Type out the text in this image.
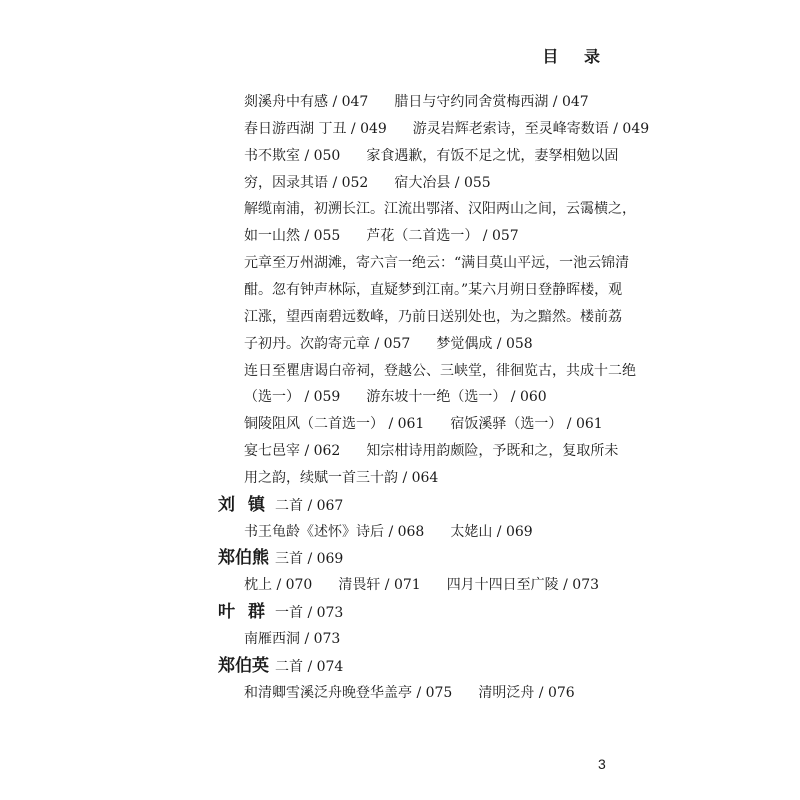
目 录
剡溪舟中有感 / 047 腊日与守约同舍赏梅西湖 / 047
春日游西湖 丁丑 / 049 游灵岩辉老索诗，至灵峰寄数语 / 049
书不欺室 / 050 家食遇歉，有饭不足之忧，妻孥相勉以固
穷，因录其语 / 052 宿大冶县 / 055
解缆南浦，初溯长江。江流出鄂渚、汉阳两山之间，云霭横之，
如一山然 / 055 芦花（二首选一） / 057
元章至万州湖滩，寄六言一绝云：“满目莫山平远，一池云锦清
酣。忽有钟声林际，直疑梦到江南。”某六月朔日登静晖楼，观
江涨，望西南碧远数峰，乃前日送别处也，为之黯然。楼前荔
子初丹。次韵寄元章 / 057 梦觉偶成 / 058
连日至瞿唐谒白帝祠，登越公、三峡堂，徘徊览古，共成十二绝
（选一） / 059 游东坡十一绝（选一） / 060
铜陵阻风（二首选一） / 061 宿饭溪驿（选一） / 061
宴七邑宰 / 062 知宗柑诗用韵颇险，予既和之，复取所未
用之韵，续赋一首三十韵 / 064
刘镇二首 / 067
书王龟龄《述怀》诗后 / 068 太姥山 / 069
郑伯熊 三首 / 069
枕上 / 070 清畏轩 / 071 四月十四日至广陵 / 073
叶群一首 / 073
南雁西洞 / 073
郑伯英 二首 / 074
和清卿雪溪泛舟晚登华盖亭 / 075 清明泛舟 / 076
3
